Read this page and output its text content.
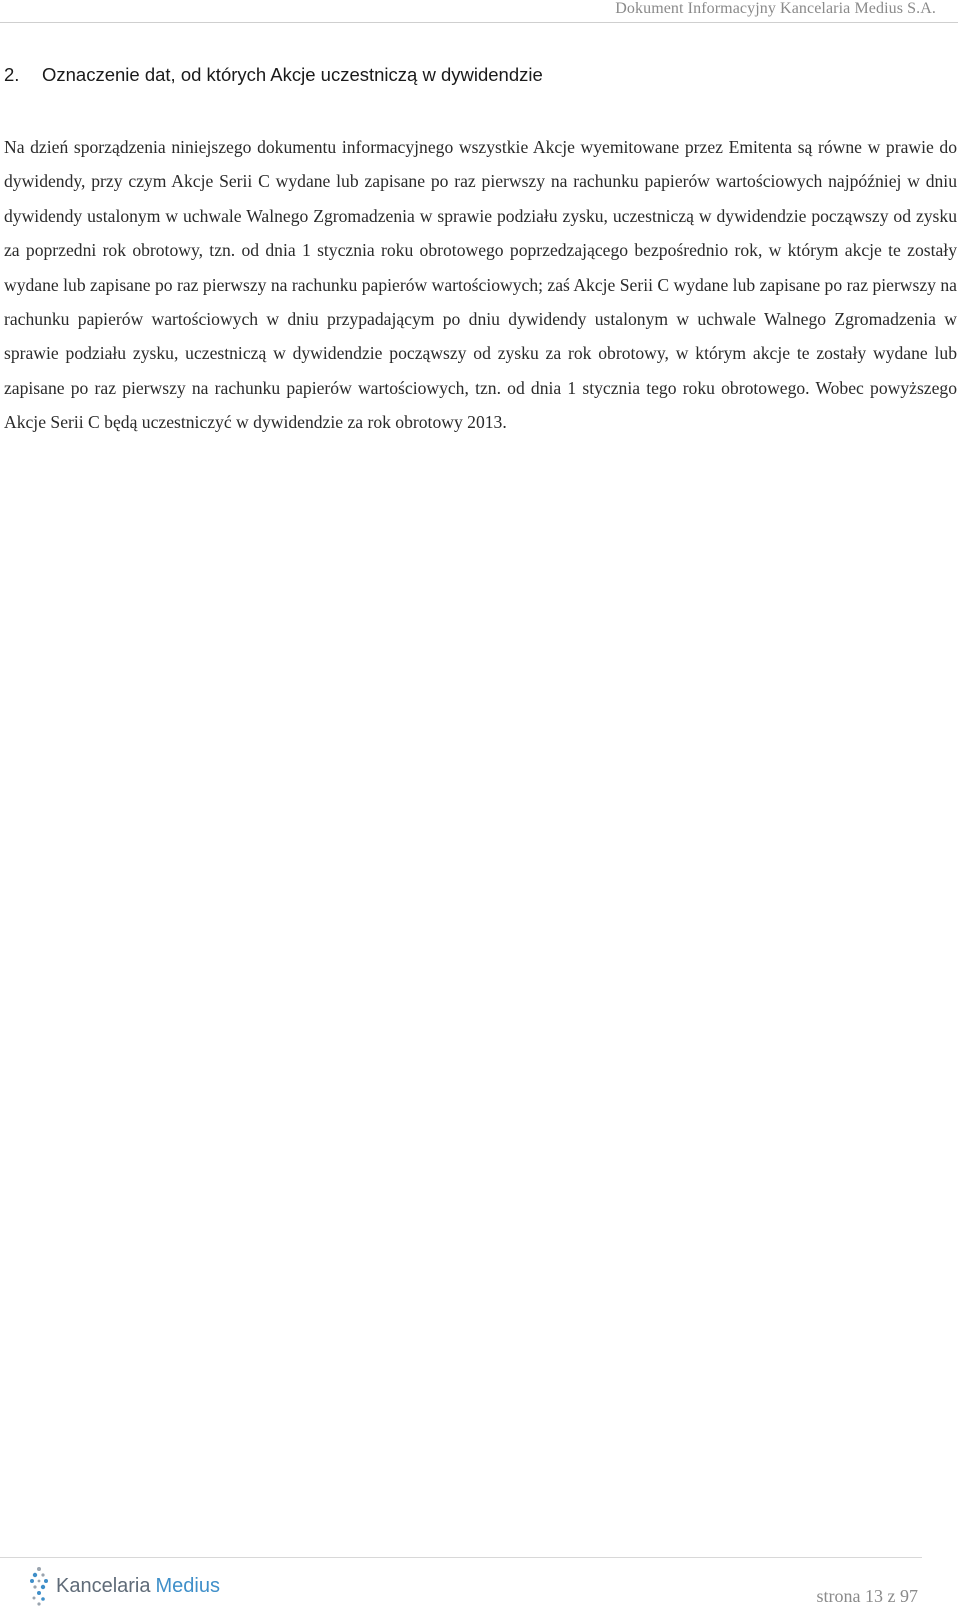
Dokument Informacyjny Kancelaria Medius S.A.
2. Oznaczenie dat, od których Akcje uczestniczą w dywidendzie

Na dzień sporządzenia niniejszego dokumentu informacyjnego wszystkie Akcje wyemitowane przez Emitenta są równe w prawie do dywidendy, przy czym Akcje Serii C wydane lub zapisane po raz pierwszy na rachunku papierów wartościowych najpóźniej w dniu dywidendy ustalonym w uchwale Walnego Zgromadzenia w sprawie podziału zysku, uczestniczą w dywidendzie począwszy od zysku za poprzedni rok obrotowy, tzn. od dnia 1 stycznia roku obrotowego poprzedzającego bezpośrednio rok, w którym akcje te zostały wydane lub zapisane po raz pierwszy na rachunku papierów wartościowych; zaś Akcje Serii C wydane lub zapisane po raz pierwszy na rachunku papierów wartościowych w dniu przypadającym po dniu dywidendy ustalonym w uchwale Walnego Zgromadzenia w sprawie podziału zysku, uczestniczą w dywidendzie począwszy od zysku za rok obrotowy, w którym akcje te zostały wydane lub zapisane po raz pierwszy na rachunku papierów wartościowych, tzn. od dnia 1 stycznia tego roku obrotowego. Wobec powyższego Akcje Serii C będą uczestniczyć w dywidendzie za rok obrotowy 2013.

Kancelaria Medius	strona 13 z 97
